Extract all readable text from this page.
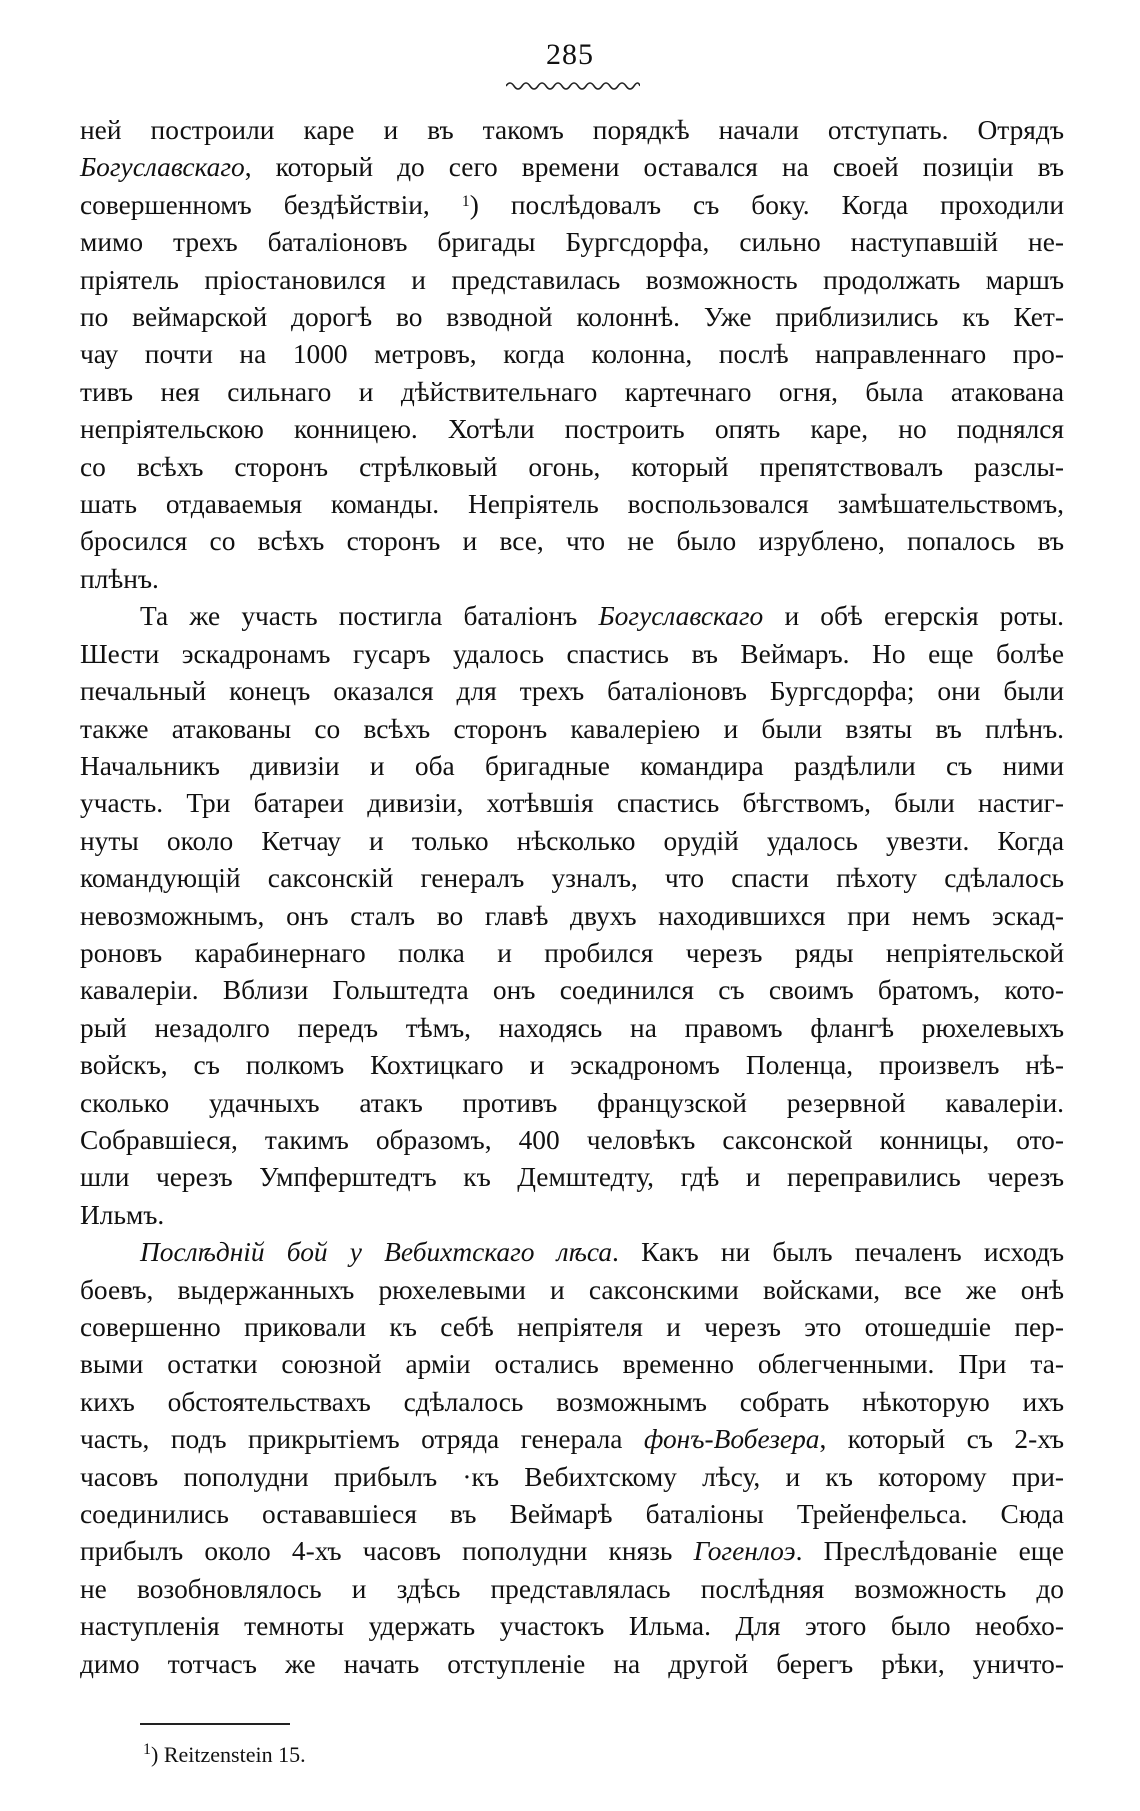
285

ней построили каре и въ такомъ порядкѣ начали отступать. Отрядъ
Богуславскаго, который до сего времени оставался на своей позиціи въ
совершенномъ бездѣйствіи, $^1$) послѣдовалъ съ боку. Когда проходили
мимо трехъ баталіоновъ бригады Бургсдорфа, сильно наступавшій не-
пріятель пріостановился и представилась возможность продолжать маршъ
по веймарской дорогѣ во взводной колоннѣ. Уже приблизились къ Кет-
чау почти на 1000 метровъ, когда колонна, послѣ направленнаго про-
тивъ нея сильнаго и дѣйствительнаго картечнаго огня, была атакована
непріятельскою конницею. Хотѣли построить опять каре, но поднялся
со всѣхъ сторонъ стрѣлковый огонь, который препятствовалъ разслы-
шать отдаваемыя команды. Непріятель воспользовался замѣшательствомъ,
бросился со всѣхъ сторонъ и все, что не было изрублено, попалось въ
плѣнъ.

Та же участь постигла баталіонъ Богуславскаго и обѣ егерскія роты.
Шести эскадронамъ гусаръ удалось спастись въ Веймаръ. Но еще болѣе
печальный конецъ оказался для трехъ баталіоновъ Бургсдорфа; они были
также атакованы со всѣхъ сторонъ кавалеріею и были взяты въ плѣнъ.
Начальникъ дивизіи и оба бригадные командира раздѣлили съ ними
участь. Три батареи дивизіи, хотѣвшія спастись бѣгствомъ, были настиг-
нуты около Кетчау и только нѣсколько орудій удалось увезти. Когда
командующій саксонскій генералъ узналъ, что спасти пѣхоту сдѣлалось
невозможнымъ, онъ сталъ во главѣ двухъ находившихся при немъ эскад-
роновъ карабинернаго полка и пробился черезъ ряды непріятельской
кавалеріи. Вблизи Гольштедта онъ соединился съ своимъ братомъ, кото-
рый незадолго передъ тѣмъ, находясь на правомъ флангѣ рюхелевыхъ
войскъ, съ полкомъ Кохтицкаго и эскадрономъ Поленца, произвелъ нѣ-
сколько удачныхъ атакъ противъ французской резервной кавалеріи.
Собравшіеся, такимъ образомъ, 400 человѣкъ саксонской конницы, ото-
шли черезъ Умпферштедтъ къ Демштедту, гдѣ и переправились черезъ
Ильмъ.

Послѣдній бой у Вебихтскаго лѣса. Какъ ни былъ печаленъ исходъ
боевъ, выдержанныхъ рюхелевыми и саксонскими войсками, все же онѣ
совершенно приковали къ себѣ непріятеля и черезъ это отошедшіе пер-
выми остатки союзной арміи остались временно облегченными. При та-
кихъ обстоятельствахъ сдѣлалось возможнымъ собрать нѣкоторую ихъ
часть, подъ прикрытіемъ отряда генерала фонъ-Вобезера, который съ 2-хъ
часовъ пополудни прибылъ ·къ Вебихтскому лѣсу, и къ которому при-
соединились остававшіеся въ Веймарѣ баталіоны Трейенфельса. Сюда
прибылъ около 4-хъ часовъ пополудни князь Гогенлоэ. Преслѣдованіе еще
не возобновлялось и здѣсь представлялась послѣдняя возможность до
наступленія темноты удержать участокъ Ильма. Для этого было необхо-
димо тотчасъ же начать отступленіе на другой берегъ рѣки, уничто-

$^1$) Reitzenstein 15.
